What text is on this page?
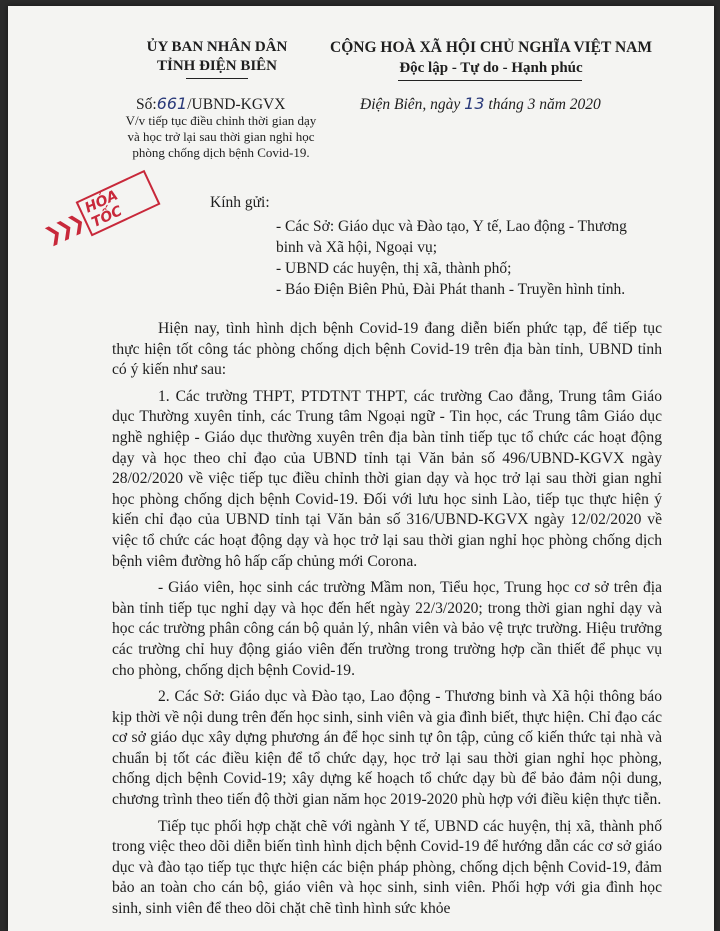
ỦY BAN NHÂN DÂN
TỈNH ĐIỆN BIÊN
CỘNG HOÀ XÃ HỘI CHỦ NGHĨA VIỆT NAM
Độc lập - Tự do - Hạnh phúc
Số:661/UBND-KGVX	Điện Biên, ngày 13 tháng 3 năm 2020
V/v tiếp tục điều chỉnh thời gian dạy
và học trở lại sau thời gian nghỉ học
phòng chống dịch bệnh Covid-19.
❯❯❯
HỎA TỐC
Kính gửi:
- Các Sở: Giáo dục và Đào tạo, Y tế, Lao động - Thương binh và Xã hội, Ngoại vụ;
- UBND các huyện, thị xã, thành phố;
- Báo Điện Biên Phủ, Đài Phát thanh - Truyền hình tỉnh.

Hiện nay, tình hình dịch bệnh Covid-19 đang diễn biến phức tạp, để tiếp tục thực hiện tốt công tác phòng chống dịch bệnh Covid-19 trên địa bàn tỉnh, UBND tỉnh có ý kiến như sau:

1. Các trường THPT, PTDTNT THPT, các trường Cao đẳng, Trung tâm Giáo dục Thường xuyên tỉnh, các Trung tâm Ngoại ngữ - Tin học, các Trung tâm Giáo dục nghề nghiệp - Giáo dục thường xuyên trên địa bàn tỉnh tiếp tục tổ chức các hoạt động dạy và học theo chỉ đạo của UBND tỉnh tại Văn bản số 496/UBND-KGVX ngày 28/02/2020 về việc tiếp tục điều chỉnh thời gian dạy và học trở lại sau thời gian nghỉ học phòng chống dịch bệnh Covid-19. Đối với lưu học sinh Lào, tiếp tục thực hiện ý kiến chỉ đạo của UBND tỉnh tại Văn bản số 316/UBND-KGVX ngày 12/02/2020 về việc tổ chức các hoạt động dạy và học trở lại sau thời gian nghỉ học phòng chống dịch bệnh viêm đường hô hấp cấp chủng mới Corona.

- Giáo viên, học sinh các trường Mầm non, Tiểu học, Trung học cơ sở trên địa bàn tỉnh tiếp tục nghỉ dạy và học đến hết ngày 22/3/2020; trong thời gian nghỉ dạy và học các trường phân công cán bộ quản lý, nhân viên và bảo vệ trực trường. Hiệu trưởng các trường chỉ huy động giáo viên đến trường trong trường hợp cần thiết để phục vụ cho phòng, chống dịch bệnh Covid-19.

2. Các Sở: Giáo dục và Đào tạo, Lao động - Thương binh và Xã hội thông báo kịp thời về nội dung trên đến học sinh, sinh viên và gia đình biết, thực hiện. Chỉ đạo các cơ sở giáo dục xây dựng phương án để học sinh tự ôn tập, củng cố kiến thức tại nhà và chuẩn bị tốt các điều kiện để tổ chức dạy, học trở lại sau thời gian nghỉ học phòng, chống dịch bệnh Covid-19; xây dựng kế hoạch tổ chức dạy bù để bảo đảm nội dung, chương trình theo tiến độ thời gian năm học 2019-2020 phù hợp với điều kiện thực tiễn.

Tiếp tục phối hợp chặt chẽ với ngành Y tế, UBND các huyện, thị xã, thành phố trong việc theo dõi diễn biến tình hình dịch bệnh Covid-19 để hướng dẫn các cơ sở giáo dục và đào tạo tiếp tục thực hiện các biện pháp phòng, chống dịch bệnh Covid-19, đảm bảo an toàn cho cán bộ, giáo viên và học sinh, sinh viên. Phối hợp với gia đình học sinh, sinh viên để theo dõi chặt chẽ tình hình sức khỏe
